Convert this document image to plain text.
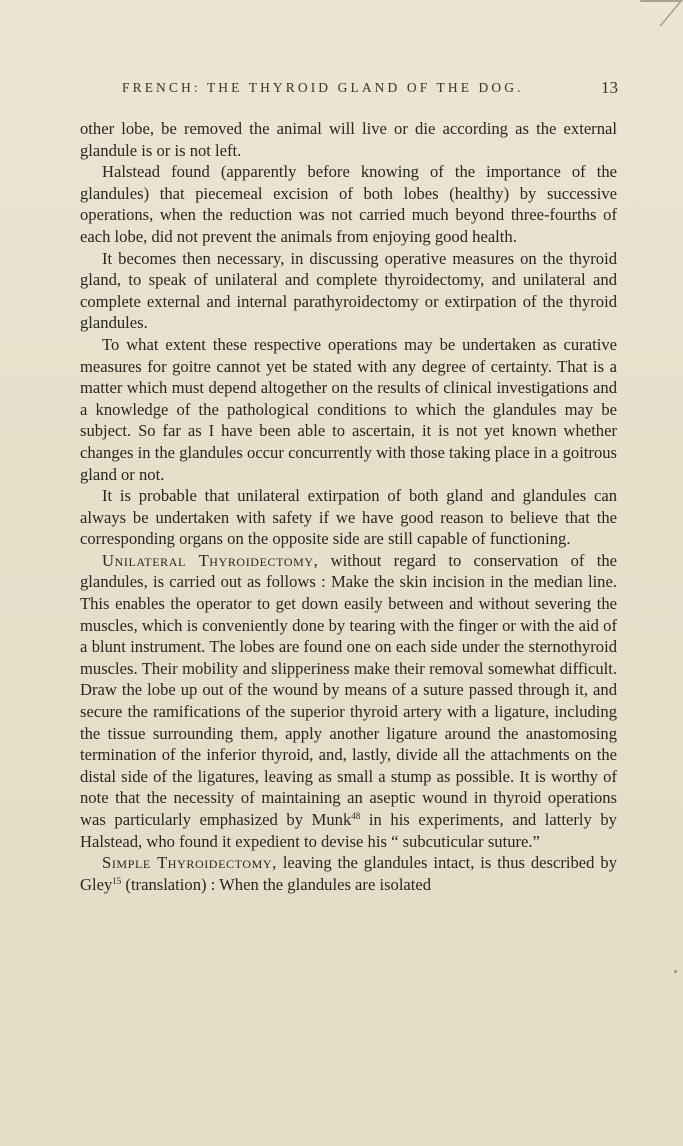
FRENCH: THE THYROID GLAND OF THE DOG.	13

other lobe, be removed the animal will live or die according as the external glandule is or is not left.

Halstead found (apparently before knowing of the importance of the glandules) that piecemeal excision of both lobes (healthy) by successive operations, when the reduction was not carried much beyond three-fourths of each lobe, did not prevent the animals from enjoying good health.

It becomes then necessary, in discussing operative measures on the thyroid gland, to speak of unilateral and complete thyroidectomy, and unilateral and complete external and internal parathyroidectomy or extirpation of the thyroid glandules.

To what extent these respective operations may be undertaken as curative measures for goitre cannot yet be stated with any degree of certainty. That is a matter which must depend altogether on the results of clinical investigations and a knowledge of the pathological conditions to which the glandules may be subject. So far as I have been able to ascertain, it is not yet known whether changes in the glandules occur concurrently with those taking place in a goitrous gland or not.

It is probable that unilateral extirpation of both gland and glandules can always be undertaken with safety if we have good reason to believe that the corresponding organs on the opposite side are still capable of functioning.

Unilateral Thyroidectomy, without regard to conservation of the glandules, is carried out as follows : Make the skin incision in the median line. This enables the operator to get down easily between and without severing the muscles, which is conveniently done by tearing with the finger or with the aid of a blunt instrument. The lobes are found one on each side under the sternothyroid muscles. Their mobility and slipperiness make their removal somewhat difficult. Draw the lobe up out of the wound by means of a suture passed through it, and secure the ramifications of the superior thyroid artery with a ligature, including the tissue surrounding them, apply another ligature around the anastomosing termination of the inferior thyroid, and, lastly, divide all the attachments on the distal side of the ligatures, leaving as small a stump as possible. It is worthy of note that the necessity of maintaining an aseptic wound in thyroid operations was particularly emphasized by Munk$^{48}$ in his experiments, and latterly by Halstead, who found it expedient to devise his “ subcuticular suture.”

Simple Thyroidectomy, leaving the glandules intact, is thus described by Gley$^{15}$ (translation) : When the glandules are isolated
